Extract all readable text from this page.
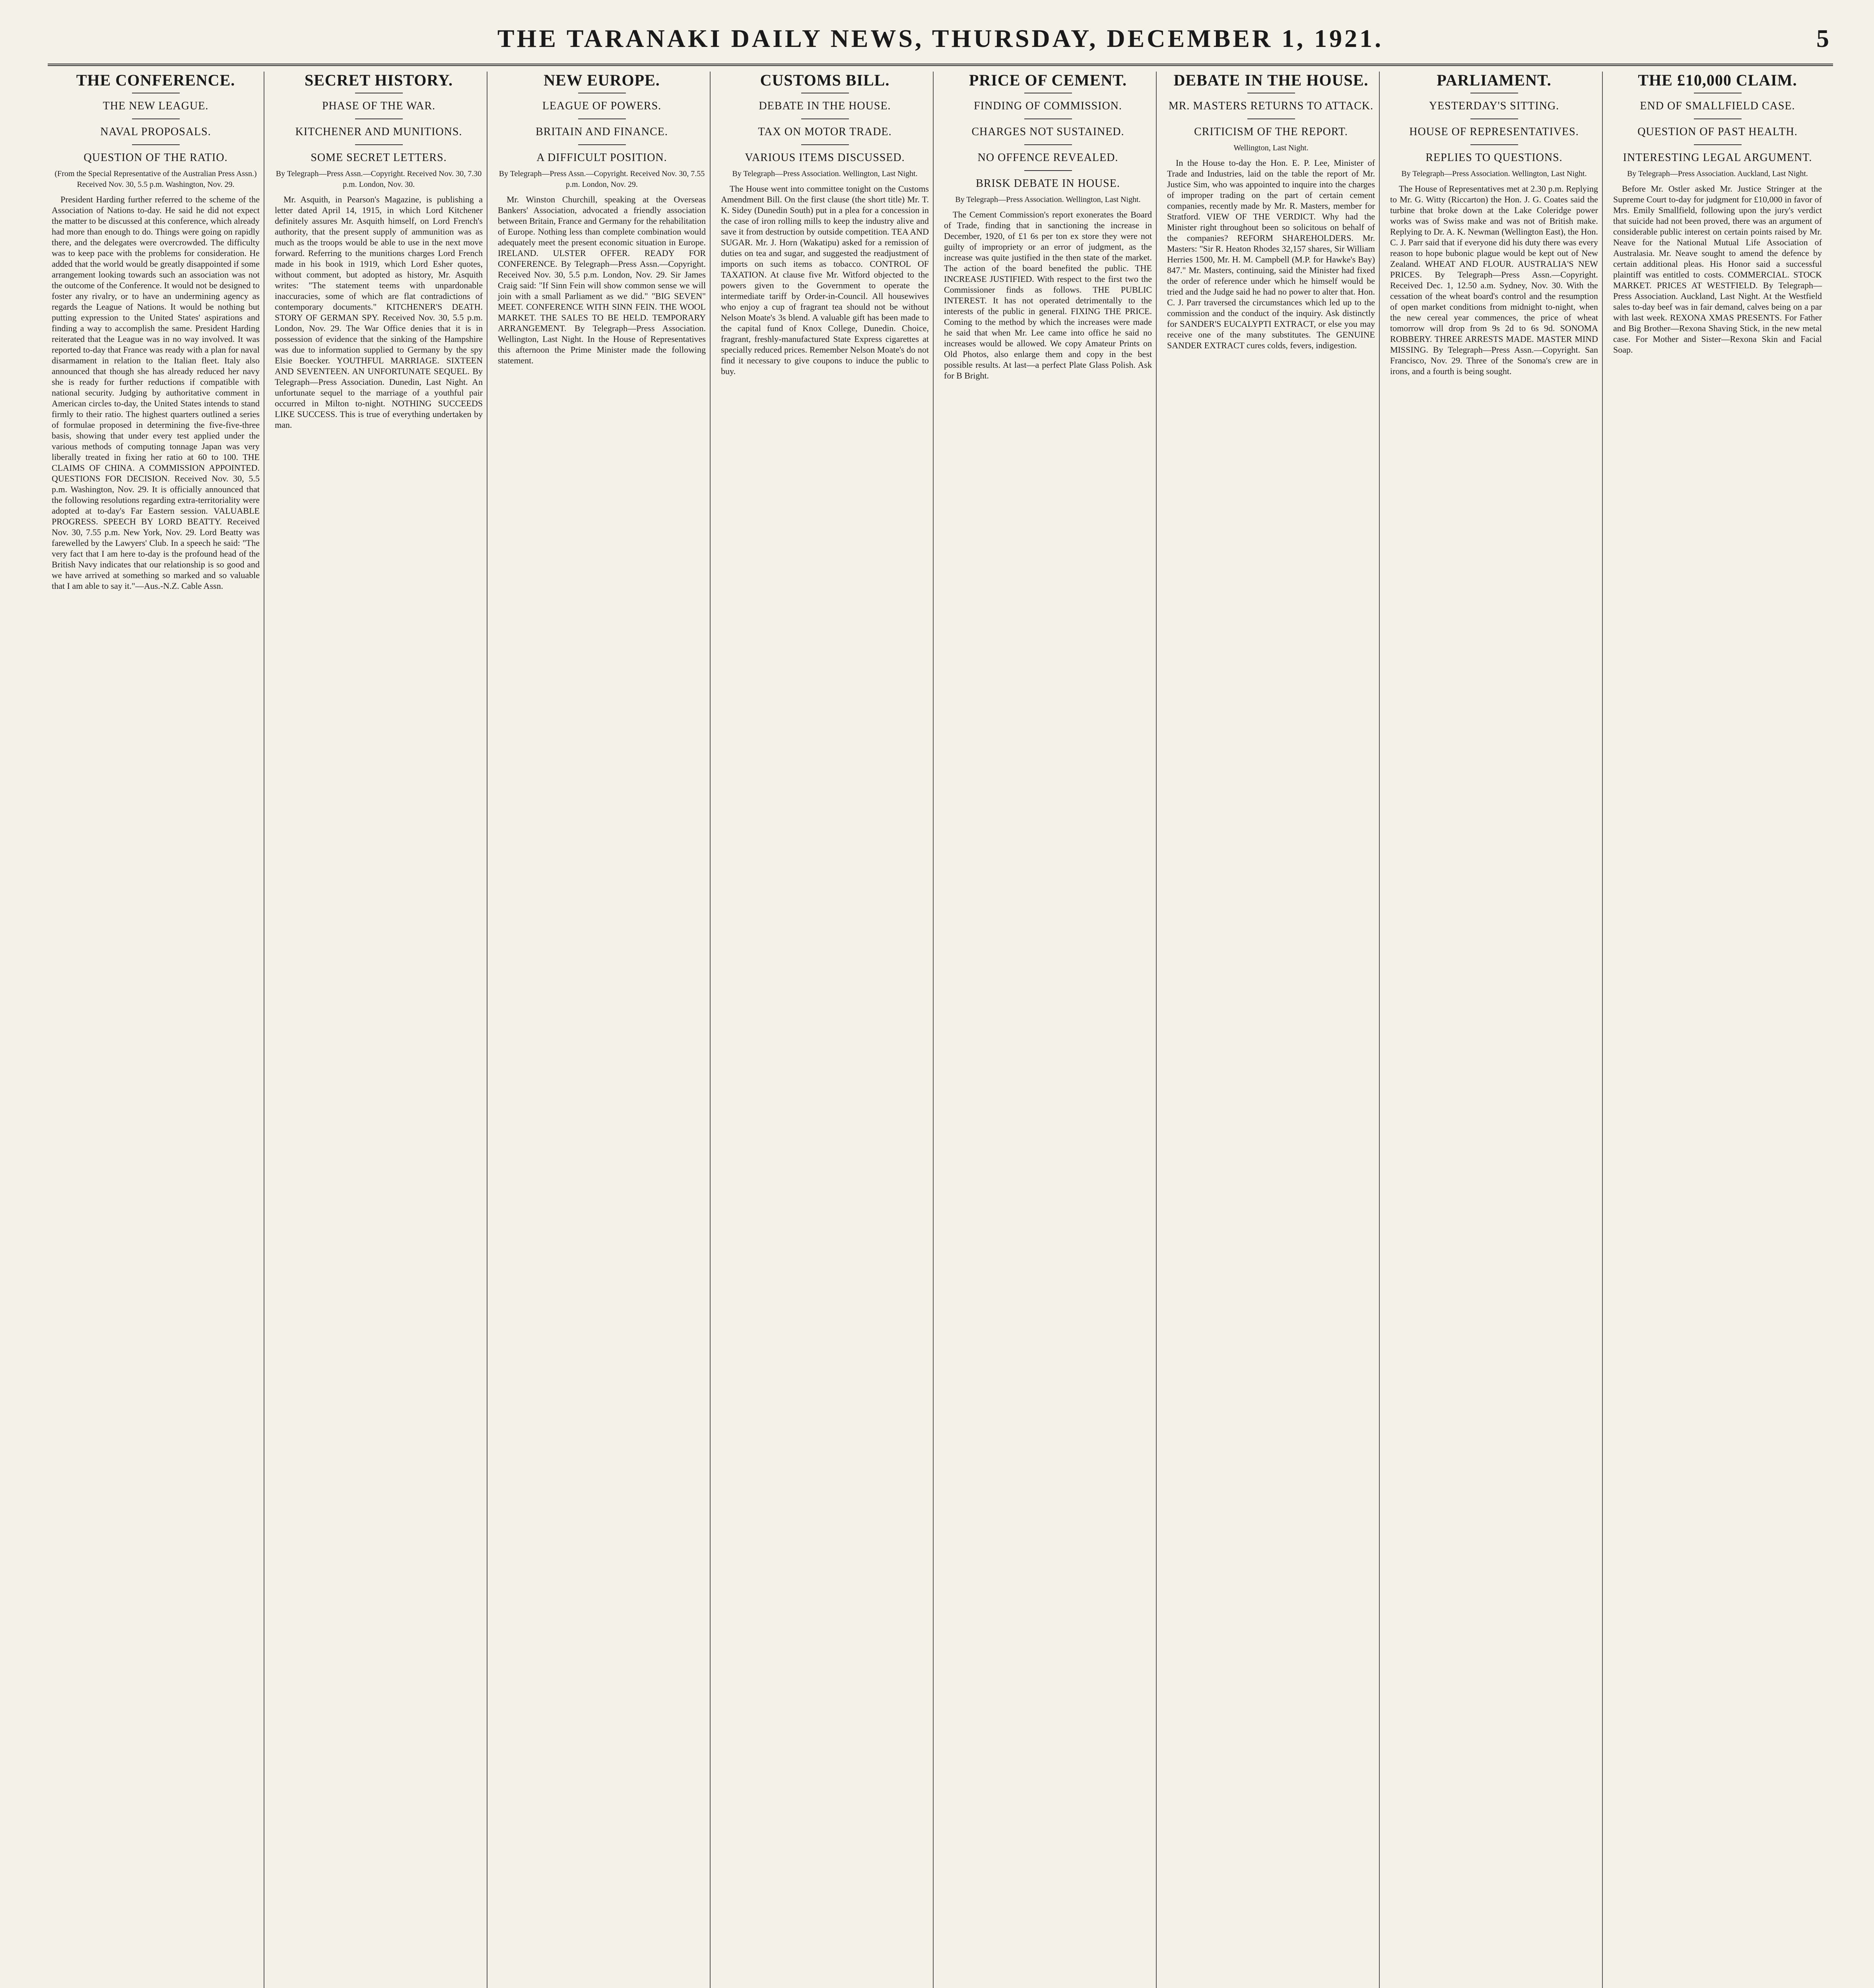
THE TARANAKI DAILY NEWS, THURSDAY, DECEMBER 1, 1921.	5
THE CONFERENCE.
THE NEW LEAGUE.
NAVAL PROPOSALS.
QUESTION OF THE RATIO.
(From the Special Representative of the Australian Press Assn.) Received Nov. 30, 5.5 p.m. Washington, Nov. 29.

President Harding further referred to the scheme of the Association of Nations to-day. He said he did not expect the matter to be discussed at this conference, which already had more than enough to do. Things were going on rapidly there, and the delegates were overcrowded. The difficulty was to keep pace with the problems for consideration. He added that the world would be greatly disappointed if some arrangement looking towards such an association was not the outcome of the Conference. It would not be designed to foster any rivalry, or to have an undermining agency as regards the League of Nations. It would be nothing but putting expression to the United States' aspirations and finding a way to accomplish the same. President Harding reiterated that the League was in no way involved. It was reported to-day that France was ready with a plan for naval disarmament in relation to the Italian fleet. Italy also announced that though she has already reduced her navy she is ready for further reductions if compatible with national security. Judging by authoritative comment in American circles to-day, the United States intends to stand firmly to their ratio. The highest quarters outlined a series of formulae proposed in determining the five-five-three basis, showing that under every test applied under the various methods of computing tonnage Japan was very liberally treated in fixing her ratio at 60 to 100. THE CLAIMS OF CHINA. A COMMISSION APPOINTED. QUESTIONS FOR DECISION. Received Nov. 30, 5.5 p.m. Washington, Nov. 29. It is officially announced that the following resolutions regarding extra-territoriality were adopted at to-day's Far Eastern session. VALUABLE PROGRESS. SPEECH BY LORD BEATTY. Received Nov. 30, 7.55 p.m. New York, Nov. 29. Lord Beatty was farewelled by the Lawyers' Club. In a speech he said: "The very fact that I am here to-day is the profound head of the British Navy indicates that our relationship is so good and we have arrived at something so marked and so valuable that I am able to say it."—Aus.-N.Z. Cable Assn.

SECRET HISTORY.
PHASE OF THE WAR.
KITCHENER AND MUNITIONS.
SOME SECRET LETTERS.
By Telegraph—Press Assn.—Copyright. Received Nov. 30, 7.30 p.m. London, Nov. 30.

Mr. Asquith, in Pearson's Magazine, is publishing a letter dated April 14, 1915, in which Lord Kitchener definitely assures Mr. Asquith himself, on Lord French's authority, that the present supply of ammunition was as much as the troops would be able to use in the next move forward. Referring to the munitions charges Lord French made in his book in 1919, which Lord Esher quotes, without comment, but adopted as history, Mr. Asquith writes: "The statement teems with unpardonable inaccuracies, some of which are flat contradictions of contemporary documents." KITCHENER'S DEATH. STORY OF GERMAN SPY. Received Nov. 30, 5.5 p.m. London, Nov. 29. The War Office denies that it is in possession of evidence that the sinking of the Hampshire was due to information supplied to Germany by the spy Elsie Boecker. YOUTHFUL MARRIAGE. SIXTEEN AND SEVENTEEN. AN UNFORTUNATE SEQUEL. By Telegraph—Press Association. Dunedin, Last Night. An unfortunate sequel to the marriage of a youthful pair occurred in Milton to-night. NOTHING SUCCEEDS LIKE SUCCESS. This is true of everything undertaken by man.

NEW EUROPE.
LEAGUE OF POWERS.
BRITAIN AND FINANCE.
A DIFFICULT POSITION.
By Telegraph—Press Assn.—Copyright. Received Nov. 30, 7.55 p.m. London, Nov. 29.

Mr. Winston Churchill, speaking at the Overseas Bankers' Association, advocated a friendly association between Britain, France and Germany for the rehabilitation of Europe. Nothing less than complete combination would adequately meet the present economic situation in Europe. IRELAND. ULSTER OFFER. READY FOR CONFERENCE. By Telegraph—Press Assn.—Copyright. Received Nov. 30, 5.5 p.m. London, Nov. 29. Sir James Craig said: "If Sinn Fein will show common sense we will join with a small Parliament as we did." "BIG SEVEN" MEET. CONFERENCE WITH SINN FEIN. THE WOOL MARKET. THE SALES TO BE HELD. TEMPORARY ARRANGEMENT. By Telegraph—Press Association. Wellington, Last Night. In the House of Representatives this afternoon the Prime Minister made the following statement.

CUSTOMS BILL.
DEBATE IN THE HOUSE.
TAX ON MOTOR TRADE.
VARIOUS ITEMS DISCUSSED.
By Telegraph—Press Association. Wellington, Last Night.

The House went into committee tonight on the Customs Amendment Bill. On the first clause (the short title) Mr. T. K. Sidey (Dunedin South) put in a plea for a concession in the case of iron rolling mills to keep the industry alive and save it from destruction by outside competition. TEA AND SUGAR. Mr. J. Horn (Wakatipu) asked for a remission of duties on tea and sugar, and suggested the readjustment of imports on such items as tobacco. CONTROL OF TAXATION. At clause five Mr. Witford objected to the powers given to the Government to operate the intermediate tariff by Order-in-Council. All housewives who enjoy a cup of fragrant tea should not be without Nelson Moate's 3s blend. A valuable gift has been made to the capital fund of Knox College, Dunedin. Choice, fragrant, freshly-manufactured State Express cigarettes at specially reduced prices. Remember Nelson Moate's do not find it necessary to give coupons to induce the public to buy.

PRICE OF CEMENT.
FINDING OF COMMISSION.
CHARGES NOT SUSTAINED.
NO OFFENCE REVEALED.
BRISK DEBATE IN HOUSE.
By Telegraph—Press Association. Wellington, Last Night.

The Cement Commission's report exonerates the Board of Trade, finding that in sanctioning the increase in December, 1920, of £1 6s per ton ex store they were not guilty of impropriety or an error of judgment, as the increase was quite justified in the then state of the market. The action of the board benefited the public. THE INCREASE JUSTIFIED. With respect to the first two the Commissioner finds as follows. THE PUBLIC INTEREST. It has not operated detrimentally to the interests of the public in general. FIXING THE PRICE. Coming to the method by which the increases were made he said that when Mr. Lee came into office he said no increases would be allowed. We copy Amateur Prints on Old Photos, also enlarge them and copy in the best possible results. At last—a perfect Plate Glass Polish. Ask for B Bright.

DEBATE IN THE HOUSE.
MR. MASTERS RETURNS TO ATTACK.
CRITICISM OF THE REPORT.
Wellington, Last Night.

In the House to-day the Hon. E. P. Lee, Minister of Trade and Industries, laid on the table the report of Mr. Justice Sim, who was appointed to inquire into the charges of improper trading on the part of certain cement companies, recently made by Mr. R. Masters, member for Stratford. VIEW OF THE VERDICT. Why had the Minister right throughout been so solicitous on behalf of the companies? REFORM SHAREHOLDERS. Mr. Masters: "Sir R. Heaton Rhodes 32,157 shares, Sir William Herries 1500, Mr. H. M. Campbell (M.P. for Hawke's Bay) 847." Mr. Masters, continuing, said the Minister had fixed the order of reference under which he himself would be tried and the Judge said he had no power to alter that. Hon. C. J. Parr traversed the circumstances which led up to the commission and the conduct of the inquiry. Ask distinctly for SANDER'S EUCALYPTI EXTRACT, or else you may receive one of the many substitutes. The GENUINE SANDER EXTRACT cures colds, fevers, indigestion.

PARLIAMENT.
YESTERDAY'S SITTING.
HOUSE OF REPRESENTATIVES.
REPLIES TO QUESTIONS.
By Telegraph—Press Association. Wellington, Last Night.

The House of Representatives met at 2.30 p.m. Replying to Mr. G. Witty (Riccarton) the Hon. J. G. Coates said the turbine that broke down at the Lake Coleridge power works was of Swiss make and was not of British make. Replying to Dr. A. K. Newman (Wellington East), the Hon. C. J. Parr said that if everyone did his duty there was every reason to hope bubonic plague would be kept out of New Zealand. WHEAT AND FLOUR. AUSTRALIA'S NEW PRICES. By Telegraph—Press Assn.—Copyright. Received Dec. 1, 12.50 a.m. Sydney, Nov. 30. With the cessation of the wheat board's control and the resumption of open market conditions from midnight to-night, when the new cereal year commences, the price of wheat tomorrow will drop from 9s 2d to 6s 9d. SONOMA ROBBERY. THREE ARRESTS MADE. MASTER MIND MISSING. By Telegraph—Press Assn.—Copyright. San Francisco, Nov. 29. Three of the Sonoma's crew are in irons, and a fourth is being sought.

THE £10,000 CLAIM.
END OF SMALLFIELD CASE.
QUESTION OF PAST HEALTH.
INTERESTING LEGAL ARGUMENT.
By Telegraph—Press Association. Auckland, Last Night.

Before Mr. Ostler asked Mr. Justice Stringer at the Supreme Court to-day for judgment for £10,000 in favor of Mrs. Emily Smallfield, following upon the jury's verdict that suicide had not been proved, there was an argument of considerable public interest on certain points raised by Mr. Neave for the National Mutual Life Association of Australasia. Mr. Neave sought to amend the defence by certain additional pleas. His Honor said a successful plaintiff was entitled to costs. COMMERCIAL. STOCK MARKET. PRICES AT WESTFIELD. By Telegraph—Press Association. Auckland, Last Night. At the Westfield sales to-day beef was in fair demand, calves being on a par with last week. REXONA XMAS PRESENTS. For Father and Big Brother—Rexona Shaving Stick, in the new metal case. For Mother and Sister—Rexona Skin and Facial Soap.
